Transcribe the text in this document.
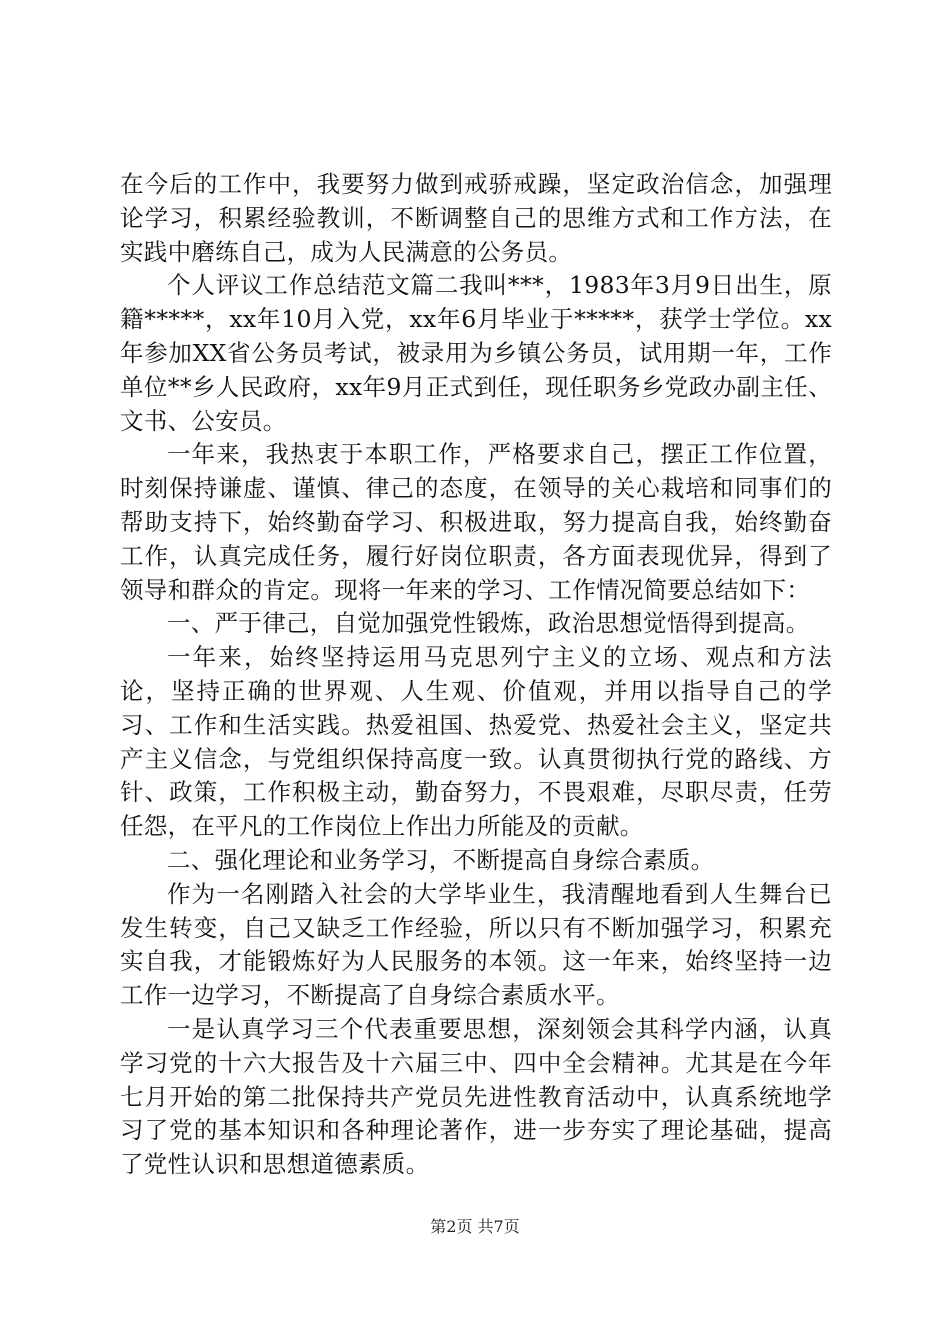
在今后的工作中，我要努力做到戒骄戒躁，坚定政治信念，加强理论学习，积累经验教训，不断调整自己的思维方式和工作方法，在实践中磨练自己，成为人民满意的公务员。

个人评议工作总结范文篇二我叫***，1983年3月9日出生，原籍*****，xx年10月入党，xx年6月毕业于*****，获学士学位。xx年参加XX省公务员考试，被录用为乡镇公务员，试用期一年，工作单位**乡人民政府，xx年9月正式到任，现任职务乡党政办副主任、文书、公安员。

一年来，我热衷于本职工作，严格要求自己，摆正工作位置，时刻保持谦虚、谨慎、律己的态度，在领导的关心栽培和同事们的帮助支持下，始终勤奋学习、积极进取，努力提高自我，始终勤奋工作，认真完成任务，履行好岗位职责，各方面表现优异，得到了领导和群众的肯定。现将一年来的学习、工作情况简要总结如下：

一、严于律己，自觉加强党性锻炼，政治思想觉悟得到提高。

一年来，始终坚持运用马克思列宁主义的立场、观点和方法论，坚持正确的世界观、人生观、价值观，并用以指导自己的学习、工作和生活实践。热爱祖国、热爱党、热爱社会主义，坚定共产主义信念，与党组织保持高度一致。认真贯彻执行党的路线、方针、政策，工作积极主动，勤奋努力，不畏艰难，尽职尽责，任劳任怨，在平凡的工作岗位上作出力所能及的贡献。

二、强化理论和业务学习，不断提高自身综合素质。

作为一名刚踏入社会的大学毕业生，我清醒地看到人生舞台已发生转变，自己又缺乏工作经验，所以只有不断加强学习，积累充实自我，才能锻炼好为人民服务的本领。这一年来，始终坚持一边工作一边学习，不断提高了自身综合素质水平。

一是认真学习三个代表重要思想，深刻领会其科学内涵，认真学习党的十六大报告及十六届三中、四中全会精神。尤其是在今年七月开始的第二批保持共产党员先进性教育活动中，认真系统地学习了党的基本知识和各种理论著作，进一步夯实了理论基础，提高了党性认识和思想道德素质。

第2页 共7页
